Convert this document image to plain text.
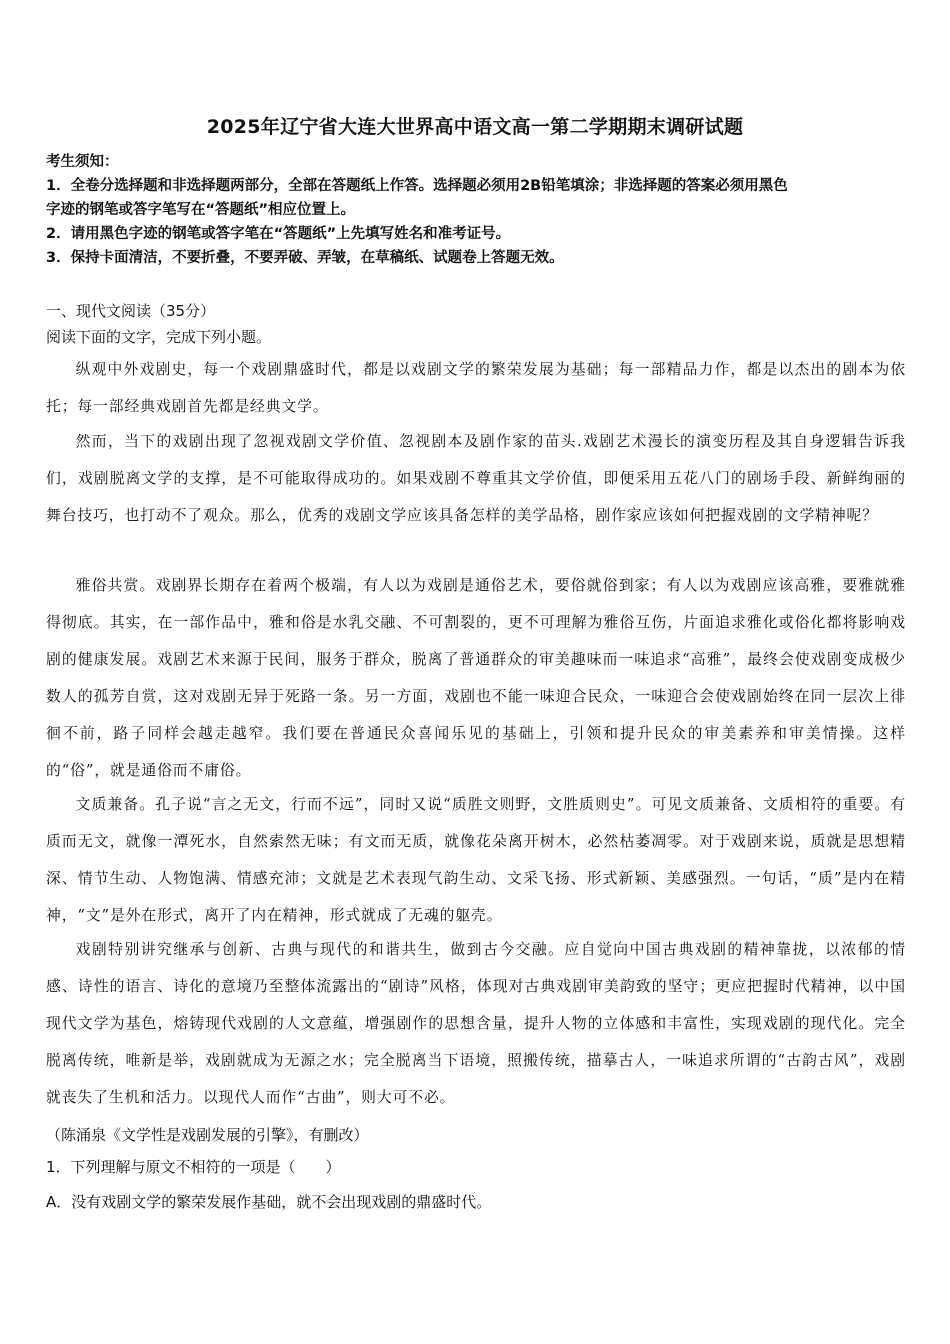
2025年辽宁省大连大世界高中语文高一第二学期期末调研试题
考生须知：
1．全卷分选择题和非选择题两部分，全部在答题纸上作答。选择题必须用2B铅笔填涂；非选择题的答案必须用黑色
字迹的钢笔或答字笔写在“答题纸”相应位置上。
2．请用黑色字迹的钢笔或答字笔在“答题纸”上先填写姓名和准考证号。
3．保持卡面清洁，不要折叠，不要弄破、弄皱，在草稿纸、试题卷上答题无效。
一、现代文阅读（35分）
阅读下面的文字，完成下列小题。

纵观中外戏剧史，每一个戏剧鼎盛时代，都是以戏剧文学的繁荣发展为基础；每一部精品力作，都是以杰出的剧本为依托；每一部经典戏剧首先都是经典文学。

然而，当下的戏剧出现了忽视戏剧文学价值、忽视剧本及剧作家的苗头.戏剧艺术漫长的演变历程及其自身逻辑告诉我们，戏剧脱离文学的支撑，是不可能取得成功的。如果戏剧不尊重其文学价值，即便采用五花八门的剧场手段、新鲜绚丽的舞台技巧，也打动不了观众。那么，优秀的戏剧文学应该具备怎样的美学品格，剧作家应该如何把握戏剧的文学精神呢？

雅俗共赏。戏剧界长期存在着两个极端，有人以为戏剧是通俗艺术，要俗就俗到家；有人以为戏剧应该高雅，要雅就雅得彻底。其实，在一部作品中，雅和俗是水乳交融、不可割裂的，更不可理解为雅俗互伤，片面追求雅化或俗化都将影响戏剧的健康发展。戏剧艺术来源于民间，服务于群众，脱离了普通群众的审美趣味而一味追求“高雅”，最终会使戏剧变成极少数人的孤芳自赏，这对戏剧无异于死路一条。另一方面，戏剧也不能一味迎合民众，一味迎合会使戏剧始终在同一层次上徘徊不前，路子同样会越走越窄。我们要在普通民众喜闻乐见的基础上，引领和提升民众的审美素养和审美情操。这样的“俗”，就是通俗而不庸俗。

文质兼备。孔子说“言之无文，行而不远”，同时又说“质胜文则野，文胜质则史”。可见文质兼备、文质相符的重要。有质而无文，就像一潭死水，自然索然无味；有文而无质，就像花朵离开树木，必然枯萎凋零。对于戏剧来说，质就是思想精深、情节生动、人物饱满、情感充沛；文就是艺术表现气韵生动、文采飞扬、形式新颖、美感强烈。一句话，“质”是内在精神，“文”是外在形式，离开了内在精神，形式就成了无魂的躯壳。

戏剧特别讲究继承与创新、古典与现代的和谐共生，做到古今交融。应自觉向中国古典戏剧的精神靠拢，以浓郁的情感、诗性的语言、诗化的意境乃至整体流露出的“剧诗”风格，体现对古典戏剧审美韵致的坚守；更应把握时代精神，以中国现代文学为基色，熔铸现代戏剧的人文意蕴，增强剧作的思想含量，提升人物的立体感和丰富性，实现戏剧的现代化。完全脱离传统，唯新是举，戏剧就成为无源之水；完全脱离当下语境，照搬传统，描摹古人，一味追求所谓的“古韵古风”，戏剧就丧失了生机和活力。以现代人而作“古曲”，则大可不必。

（陈涌泉《文学性是戏剧发展的引擎》，有删改）
1．下列理解与原文不相符的一项是（　　）
A．没有戏剧文学的繁荣发展作基础，就不会出现戏剧的鼎盛时代。
